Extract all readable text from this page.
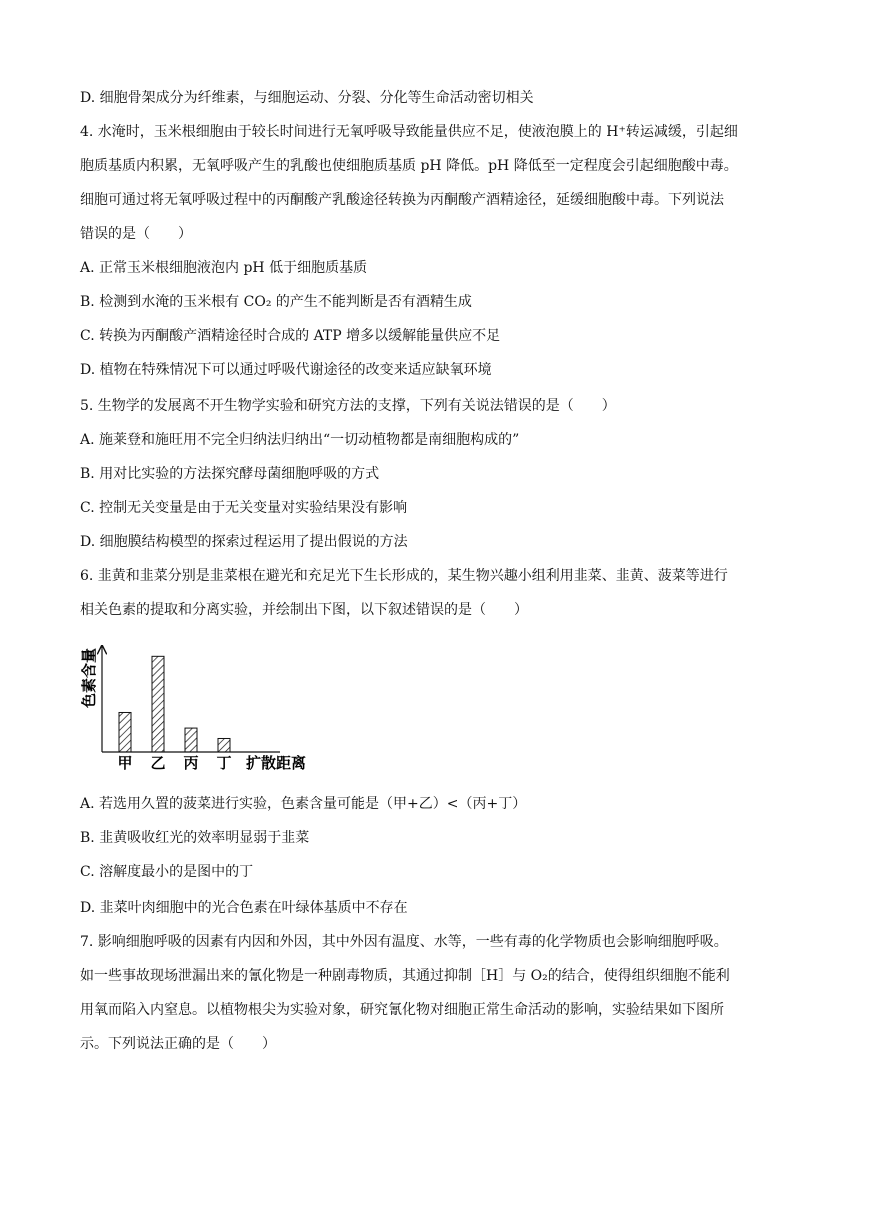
D. 细胞骨架成分为纤维素，与细胞运动、分裂、分化等生命活动密切相关
4. 水淹时，玉米根细胞由于较长时间进行无氧呼吸导致能量供应不足，使液泡膜上的 H⁺转运减缓，引起细
胞质基质内积累，无氧呼吸产生的乳酸也使细胞质基质 pH 降低。pH 降低至一定程度会引起细胞酸中毒。
细胞可通过将无氧呼吸过程中的丙酮酸产乳酸途径转换为丙酮酸产酒精途径，延缓细胞酸中毒。下列说法
错误的是（　　）
A. 正常玉米根细胞液泡内 pH 低于细胞质基质
B. 检测到水淹的玉米根有 CO₂ 的产生不能判断是否有酒精生成
C. 转换为丙酮酸产酒精途径时合成的 ATP 增多以缓解能量供应不足
D. 植物在特殊情况下可以通过呼吸代谢途径的改变来适应缺氧环境
5. 生物学的发展离不开生物学实验和研究方法的支撑，下列有关说法错误的是（　　）
A. 施莱登和施旺用不完全归纳法归纳出“一切动植物都是南细胞构成的”
B. 用对比实验的方法探究酵母菌细胞呼吸的方式
C. 控制无关变量是由于无关变量对实验结果没有影响
D. 细胞膜结构模型的探索过程运用了提出假说的方法
6. 韭黄和韭菜分别是韭菜根在避光和充足光下生长形成的，某生物兴趣小组利用韭菜、韭黄、菠菜等进行
相关色素的提取和分离实验，并绘制出下图，以下叙述错误的是（　　）
色素含量
扩散距离
甲 乙 丙 丁
A. 若选用久置的菠菜进行实验，色素含量可能是（甲+乙）<（丙+丁）
B. 韭黄吸收红光的效率明显弱于韭菜
C. 溶解度最小的是图中的丁
D. 韭菜叶肉细胞中的光合色素在叶绿体基质中不存在
7. 影响细胞呼吸的因素有内因和外因，其中外因有温度、水等，一些有毒的化学物质也会影响细胞呼吸。
如一些事故现场泄漏出来的氰化物是一种剧毒物质，其通过抑制［H］与 O₂的结合，使得组织细胞不能利
用氧而陷入内窒息。以植物根尖为实验对象，研究氰化物对细胞正常生命活动的影响，实验结果如下图所
示。下列说法正确的是（　　）
